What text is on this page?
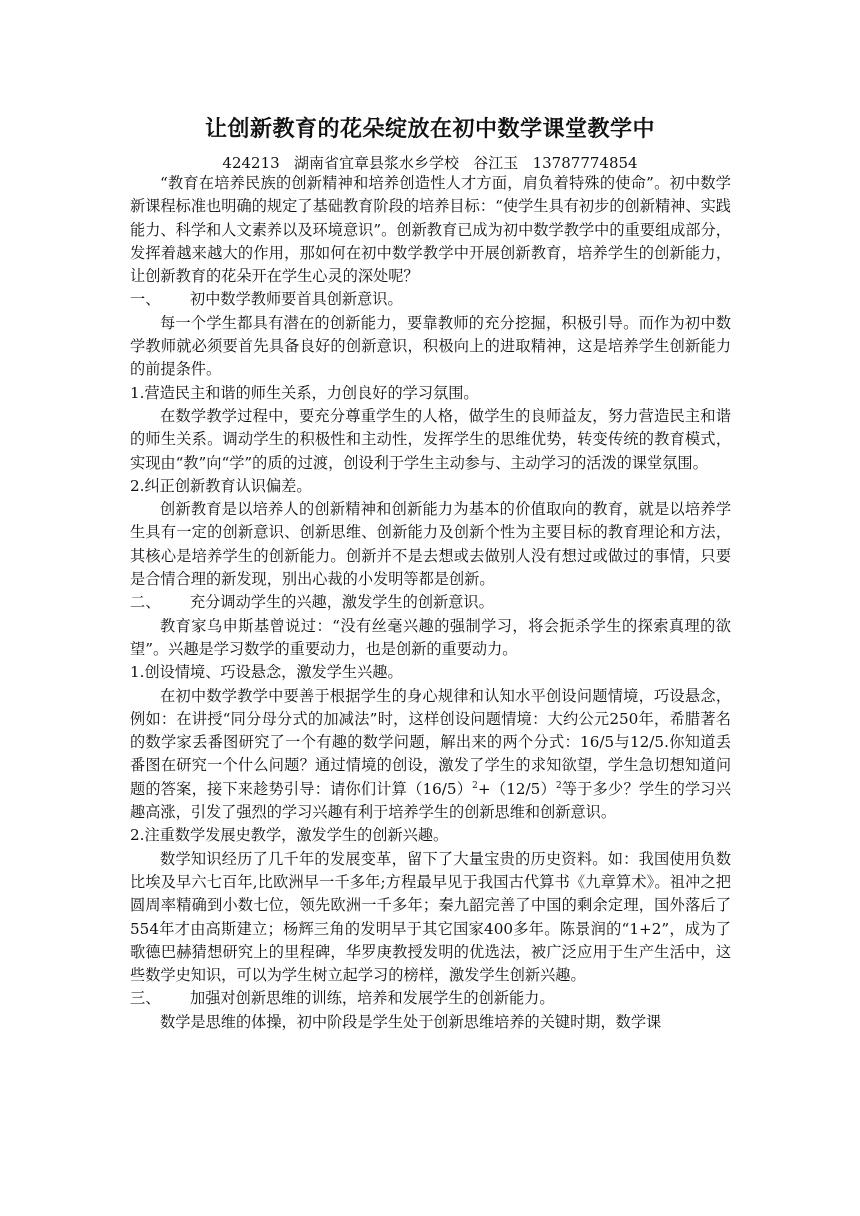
让创新教育的花朵绽放在初中数学课堂教学中
424213   湖南省宜章县浆水乡学校   谷江玉   13787774854

“教育在培养民族的创新精神和培养创造性人才方面，肩负着特殊的使命”。初中数学新课程标准也明确的规定了基础教育阶段的培养目标：“使学生具有初步的创新精神、实践能力、科学和人文素养以及环境意识”。创新教育已成为初中数学教学中的重要组成部分，发挥着越来越大的作用，那如何在初中数学教学中开展创新教育，培养学生的创新能力，让创新教育的花朵开在学生心灵的深处呢？

一、	初中数学教师要首具创新意识。

每一个学生都具有潜在的创新能力，要靠教师的充分挖掘，积极引导。而作为初中数学教师就必须要首先具备良好的创新意识，积极向上的进取精神，这是培养学生创新能力的前提条件。

1.营造民主和谐的师生关系，力创良好的学习氛围。

在数学教学过程中，要充分尊重学生的人格，做学生的良师益友，努力营造民主和谐的师生关系。调动学生的积极性和主动性，发挥学生的思维优势，转变传统的教育模式，实现由“教”向“学”的质的过渡，创设利于学生主动参与、主动学习的活泼的课堂氛围。

2.纠正创新教育认识偏差。

创新教育是以培养人的创新精神和创新能力为基本的价值取向的教育，就是以培养学生具有一定的创新意识、创新思维、创新能力及创新个性为主要目标的教育理论和方法，其核心是培养学生的创新能力。创新并不是去想或去做别人没有想过或做过的事情，只要是合情合理的新发现，别出心裁的小发明等都是创新。

二、	充分调动学生的兴趣，激发学生的创新意识。

教育家乌申斯基曾说过：“没有丝毫兴趣的强制学习，将会扼杀学生的探索真理的欲望”。兴趣是学习数学的重要动力，也是创新的重要动力。

1.创设情境、巧设悬念，激发学生兴趣。

在初中数学教学中要善于根据学生的身心规律和认知水平创设问题情境，巧设悬念，例如：在讲授“同分母分式的加减法”时，这样创设问题情境：大约公元250年，希腊著名的数学家丢番图研究了一个有趣的数学问题，解出来的两个分式：16/5与12/5.你知道丢番图在研究一个什么问题？通过情境的创设，激发了学生的求知欲望，学生急切想知道问题的答案，接下来趁势引导：请你们计算$(16/5)^2+(12/5)^2$等于多少？学生的学习兴趣高涨，引发了强烈的学习兴趣有利于培养学生的创新思维和创新意识。

2.注重数学发展史教学，激发学生的创新兴趣。

数学知识经历了几千年的发展变革，留下了大量宝贵的历史资料。如：我国使用负数比埃及早六七百年,比欧洲早一千多年;方程最早见于我国古代算书《九章算术》。祖冲之把圆周率精确到小数七位，领先欧洲一千多年；秦九韶完善了中国的剩余定理，国外落后了554年才由高斯建立；杨辉三角的发明早于其它国家400多年。陈景润的“1+2”，成为了歌德巴赫猜想研究上的里程碑，华罗庚教授发明的优选法，被广泛应用于生产生活中，这些数学史知识，可以为学生树立起学习的榜样，激发学生创新兴趣。

三、	加强对创新思维的训练，培养和发展学生的创新能力。

数学是思维的体操，初中阶段是学生处于创新思维培养的关键时期，数学课
